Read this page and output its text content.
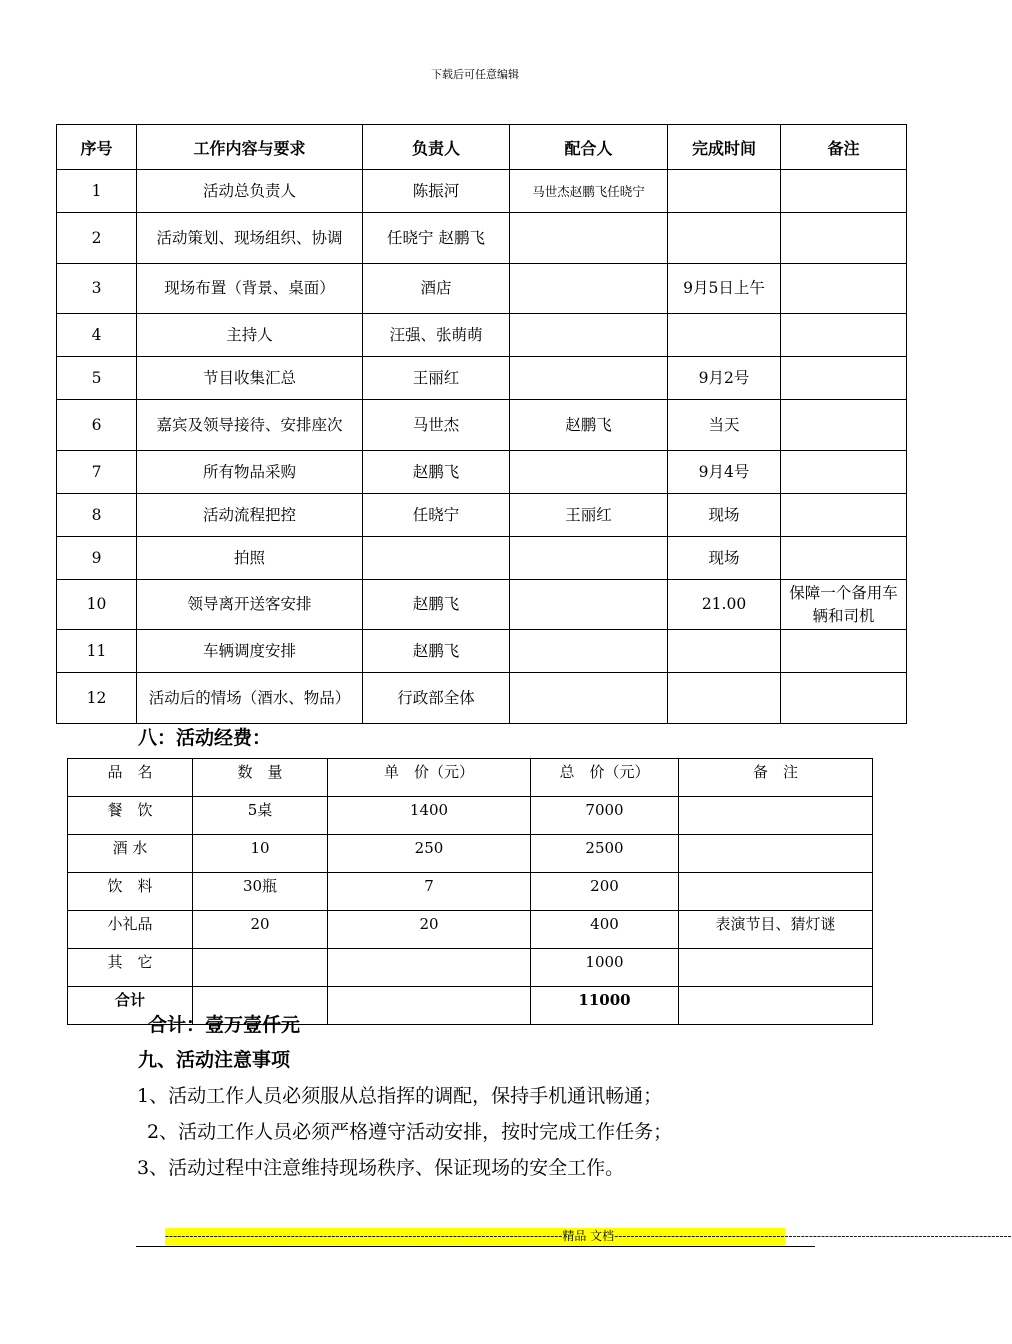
下载后可任意编辑
序号	工作内容与要求	负责人	配合人	完成时间	备注
1	活动总负责人	陈振河	马世杰赵鹏飞任晓宁		
2	活动策划、现场组织、协调	任晓宁 赵鹏飞			
3	现场布置（背景、桌面）	酒店		9月5日上午	
4	主持人	汪强、张萌萌			
5	节目收集汇总	王丽红		9月2号	
6	嘉宾及领导接待、安排座次	马世杰	赵鹏飞	当天	
7	所有物品采购	赵鹏飞		9月4号	
8	活动流程把控	任晓宁	王丽红	现场	
9	拍照			现场	
10	领导离开送客安排	赵鹏飞		21.00	保障一个备用车辆和司机
11	车辆调度安排	赵鹏飞			
12	活动后的情场（酒水、物品）	行政部全体			
八：活动经费：
品　名	数　量	单　价（元）	总　价（元）	备　注
餐　饮	5桌	1400	7000	
酒 水	10	250	2500	
饮　料	30瓶	7	200	
小礼品	20	20	400	表演节目、猜灯谜
其　它			1000	
合计			11000	
合计：壹万壹仟元
九、活动注意事项
1、活动工作人员必须服从总指挥的调配，保持手机通讯畅通；
2、活动工作人员必须严格遵守活动安排，按时完成工作任务；
3、活动过程中注意维持现场秩序、保证现场的安全工作。
--------------------------------------------------------------------------------------------------精品 文档--------------------------------------------------------------------------------------------------
